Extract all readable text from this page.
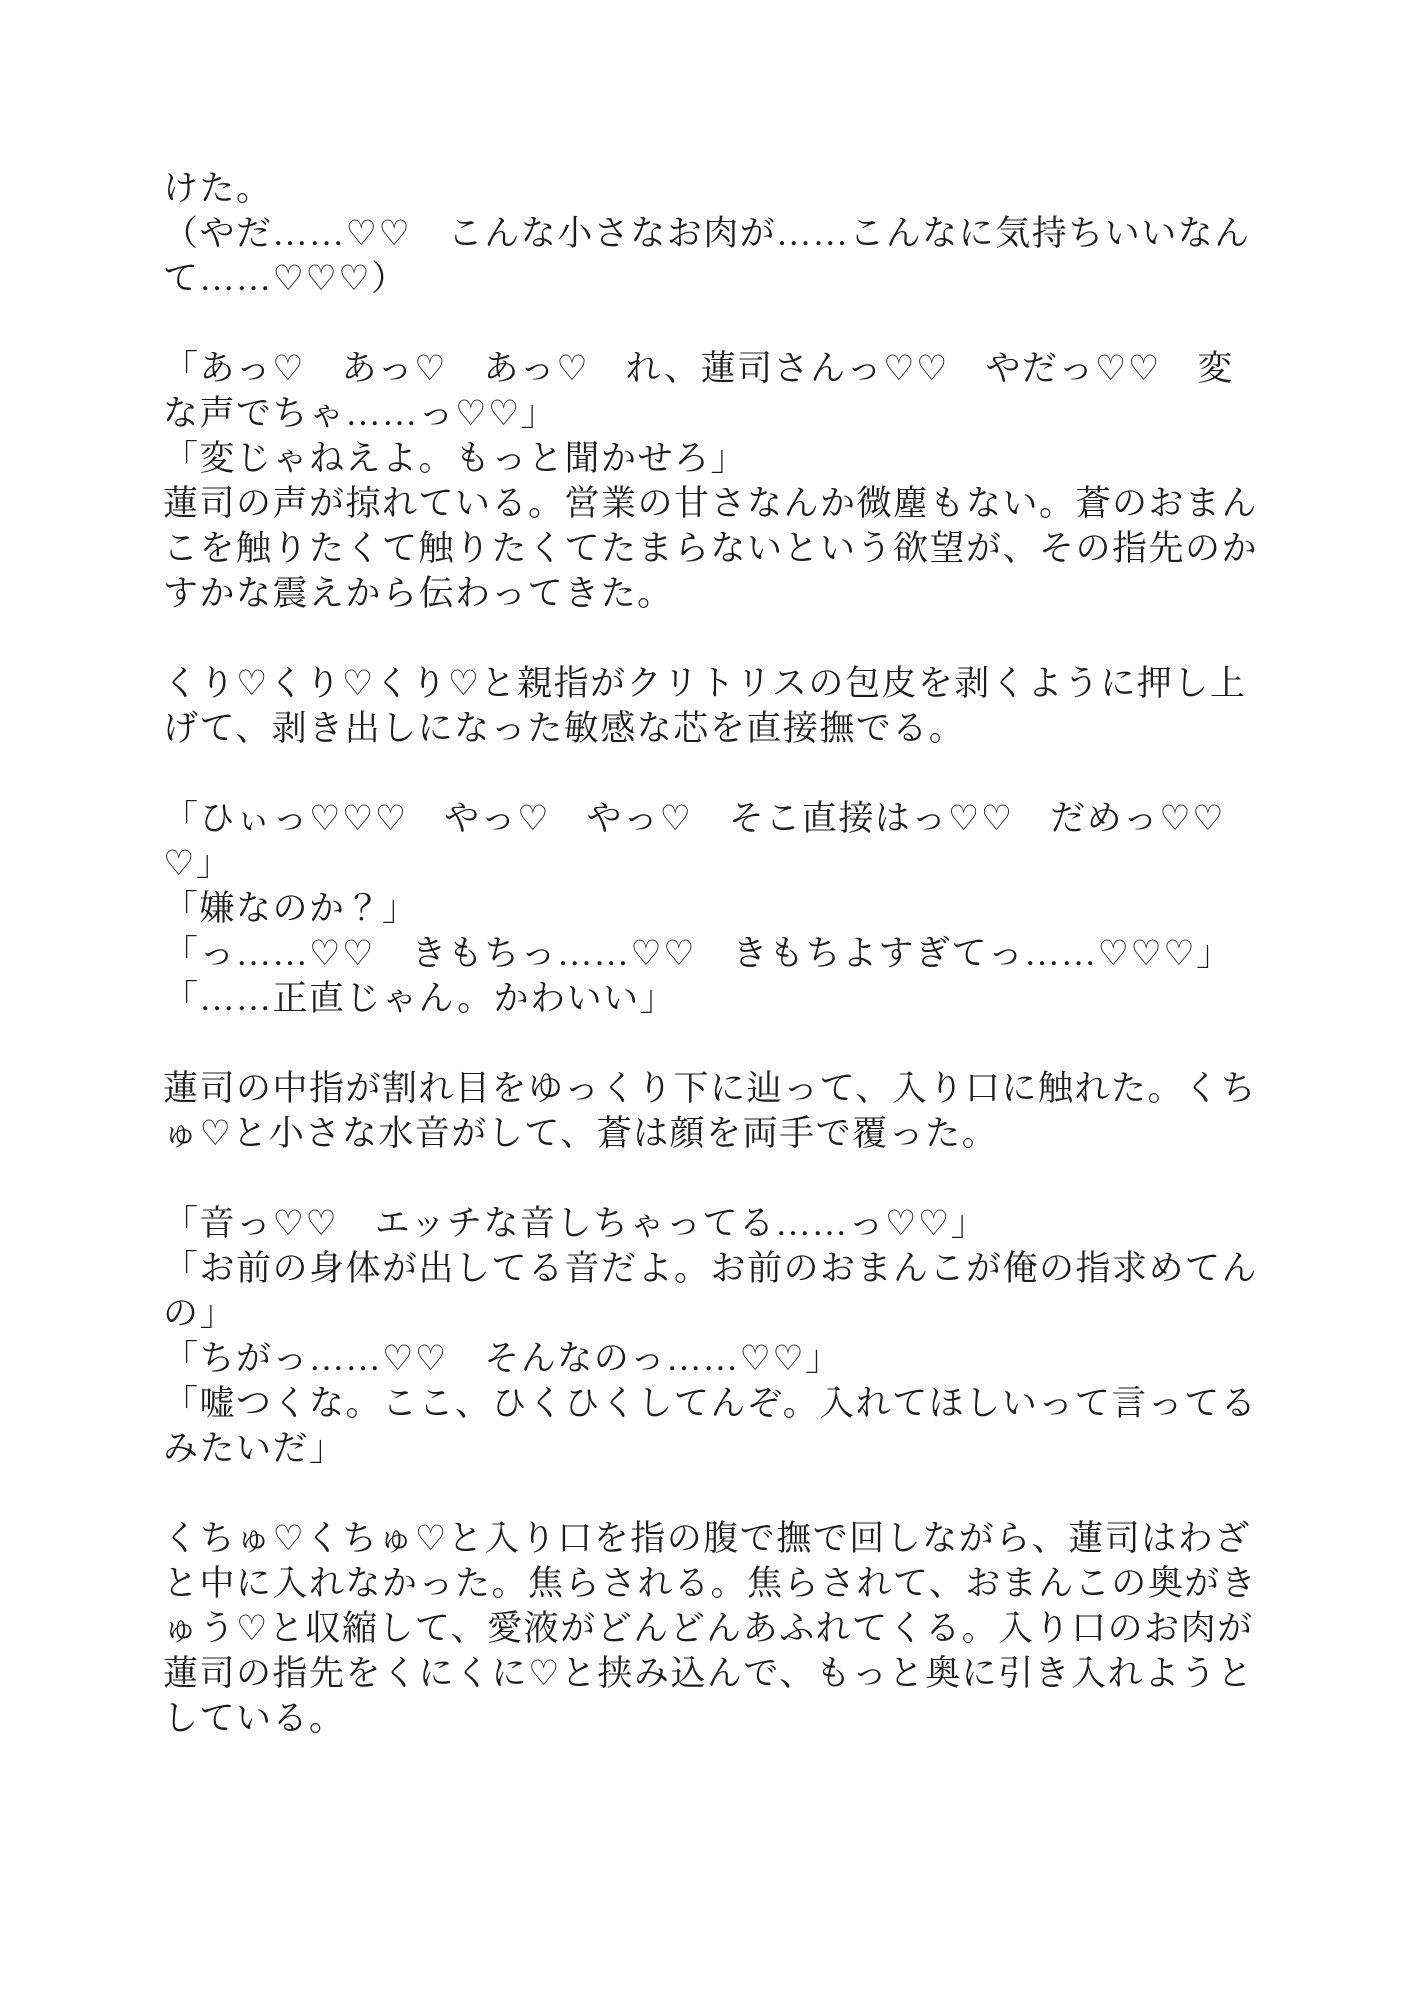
けた。
（やだ……♡♡　こんな小さなお肉が……こんなに気持ちいいなん
て……♡♡♡）
「あっ♡　あっ♡　あっ♡　れ、蓮司さんっ♡♡　やだっ♡♡　変
な声でちゃ……っ♡♡」
「変じゃねえよ。もっと聞かせろ」
蓮司の声が掠れている。営業の甘さなんか微塵もない。蒼のおまん
こを触りたくて触りたくてたまらないという欲望が、その指先のか
すかな震えから伝わってきた。
くり♡くり♡くり♡と親指がクリトリスの包皮を剥くように押し上
げて、剥き出しになった敏感な芯を直接撫でる。
「ひぃっ♡♡♡　やっ♡　やっ♡　そこ直接はっ♡♡　だめっ♡♡
♡」
「嫌なのか？」
「っ……♡♡　きもちっ……♡♡　きもちよすぎてっ……♡♡♡」
「……正直じゃん。かわいい」
蓮司の中指が割れ目をゆっくり下に辿って、入り口に触れた。くち
ゅ♡と小さな水音がして、蒼は顔を両手で覆った。
「音っ♡♡　エッチな音しちゃってる……っ♡♡」
「お前の身体が出してる音だよ。お前のおまんこが俺の指求めてん
の」
「ちがっ……♡♡　そんなのっ……♡♡」
「嘘つくな。ここ、ひくひくしてんぞ。入れてほしいって言ってる
みたいだ」
くちゅ♡くちゅ♡と入り口を指の腹で撫で回しながら、蓮司はわざ
と中に入れなかった。焦らされる。焦らされて、おまんこの奥がき
ゅう♡と収縮して、愛液がどんどんあふれてくる。入り口のお肉が
蓮司の指先をくにくに♡と挟み込んで、もっと奥に引き入れようと
している。
